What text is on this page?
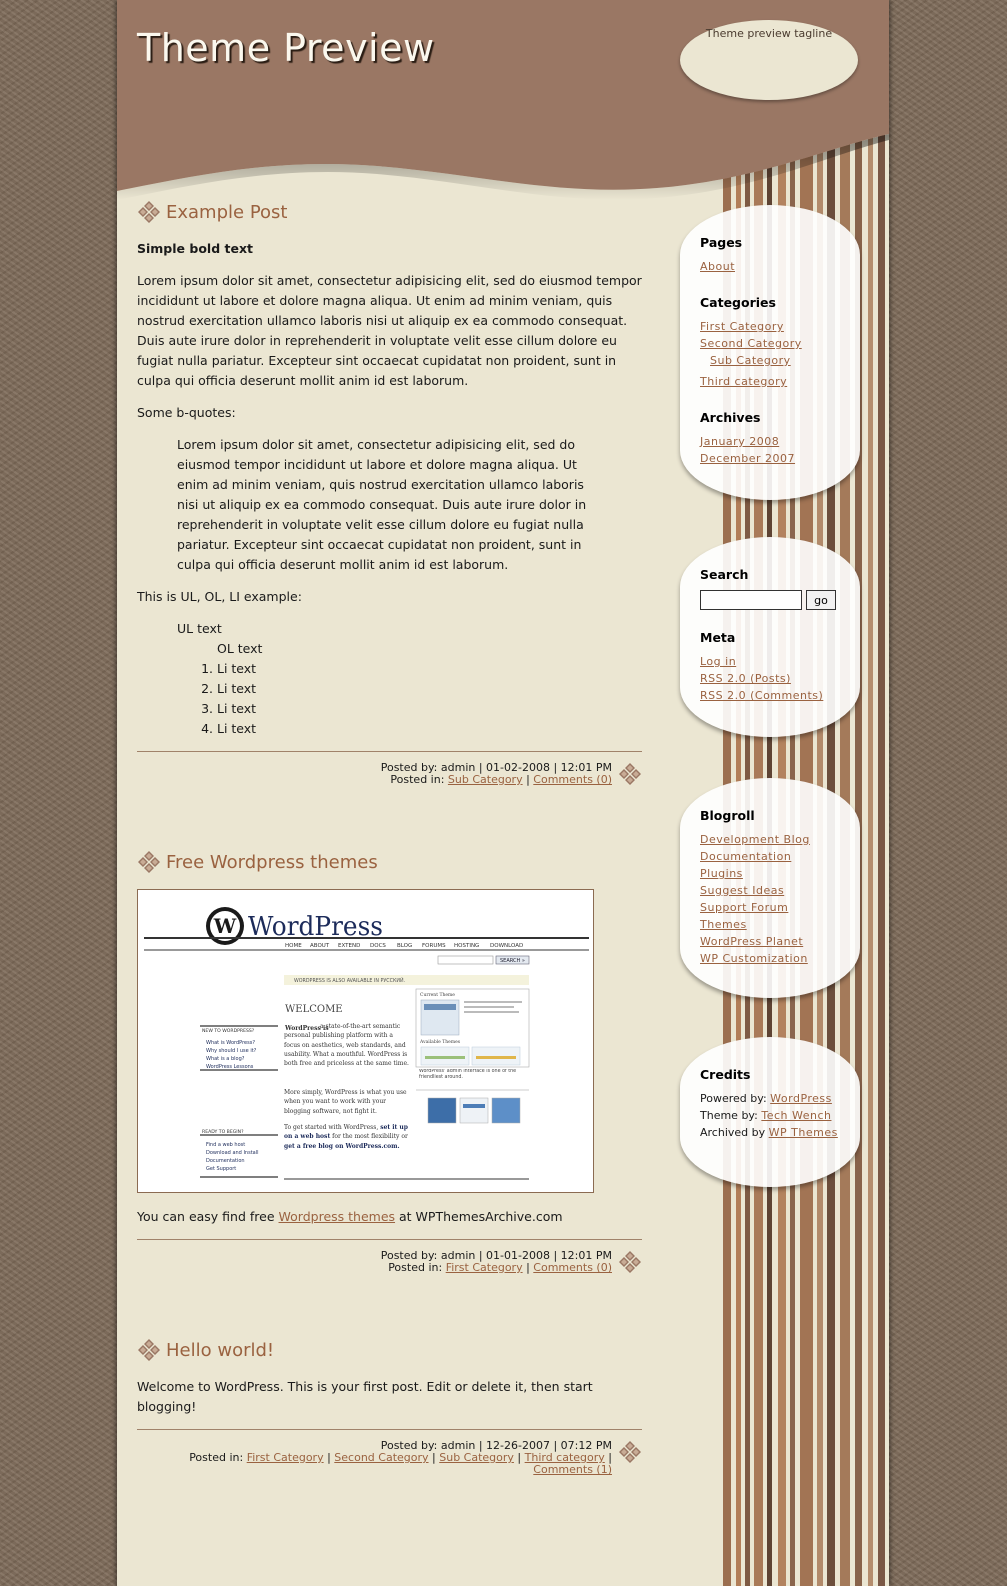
Theme Preview	Theme preview tagline
Example Post

Simple bold text

Lorem ipsum dolor sit amet, consectetur adipisicing elit, sed do eiusmod tempor incididunt ut labore et dolore magna aliqua. Ut enim ad minim veniam, quis nostrud exercitation ullamco laboris nisi ut aliquip ex ea commodo consequat. Duis aute irure dolor in reprehenderit in voluptate velit esse cillum dolore eu fugiat nulla pariatur. Excepteur sint occaecat cupidatat non proident, sunt in culpa qui officia deserunt mollit anim id est laborum.

Some b-quotes:

Lorem ipsum dolor sit amet, consectetur adipisicing elit, sed do eiusmod tempor incididunt ut labore et dolore magna aliqua. Ut enim ad minim veniam, quis nostrud exercitation ullamco laboris nisi ut aliquip ex ea commodo consequat. Duis aute irure dolor in reprehenderit in voluptate velit esse cillum dolore eu fugiat nulla pariatur. Excepteur sint occaecat cupidatat non proident, sunt in culpa qui officia deserunt mollit anim id est laborum.

This is UL, OL, LI example:

UL text
OL text
1. Li text
2. Li text
3. Li text
4. Li text
Posted by: admin | 01-02-2008 | 12:01 PM
Posted in: Sub Category | Comments (0)
Free Wordpress themes
W WordPress
HOME ABOUT EXTEND DOCS BLOG FORUMS HOSTING DOWNLOAD
SEARCH »
WORDPRESS IS ALSO AVAILABLE IN РУССКИЙ.
WELCOME
NEW TO WORDPRESS?
What is WordPress?
Why should I use it?
What is a blog?
WordPress Lessons
READY TO BEGIN?
Find a web host
Download and Install
Documentation
Get Support
WordPress is
a state-of-the-art semantic personal publishing platform with a focus on aesthetics, web standards, and usability. What a mouthful. WordPress is both free and priceless at the same time.
More simply, WordPress is what you use when you want to work with your blogging software, not fight it.
To get started with WordPress, set it up on a web host for the most flexibility or get a free blog on WordPress.com.
Current Theme
Available Themes
WordPress' admin interface is one of the friendliest around.

You can easy find free Wordpress themes at WPThemesArchive.com

Posted by: admin | 01-01-2008 | 12:01 PM
Posted in: First Category | Comments (0)
Hello world!

Welcome to WordPress. This is your first post. Edit or delete it, then start blogging!

Posted by: admin | 12-26-2007 | 07:12 PM
Posted in: First Category | Second Category | Sub Category | Third category |
Comments (1)
Pages
About
Categories
First Category
Second Category
Sub Category
Third category
Archives
January 2008
December 2007
Search
go
Meta
Log in
RSS 2.0 (Posts)
RSS 2.0 (Comments)
Blogroll
Development Blog
Documentation
Plugins
Suggest Ideas
Support Forum
Themes
WordPress Planet
WP Customization
Credits
Powered by: WordPress
Theme by: Tech Wench
Archived by WP Themes
